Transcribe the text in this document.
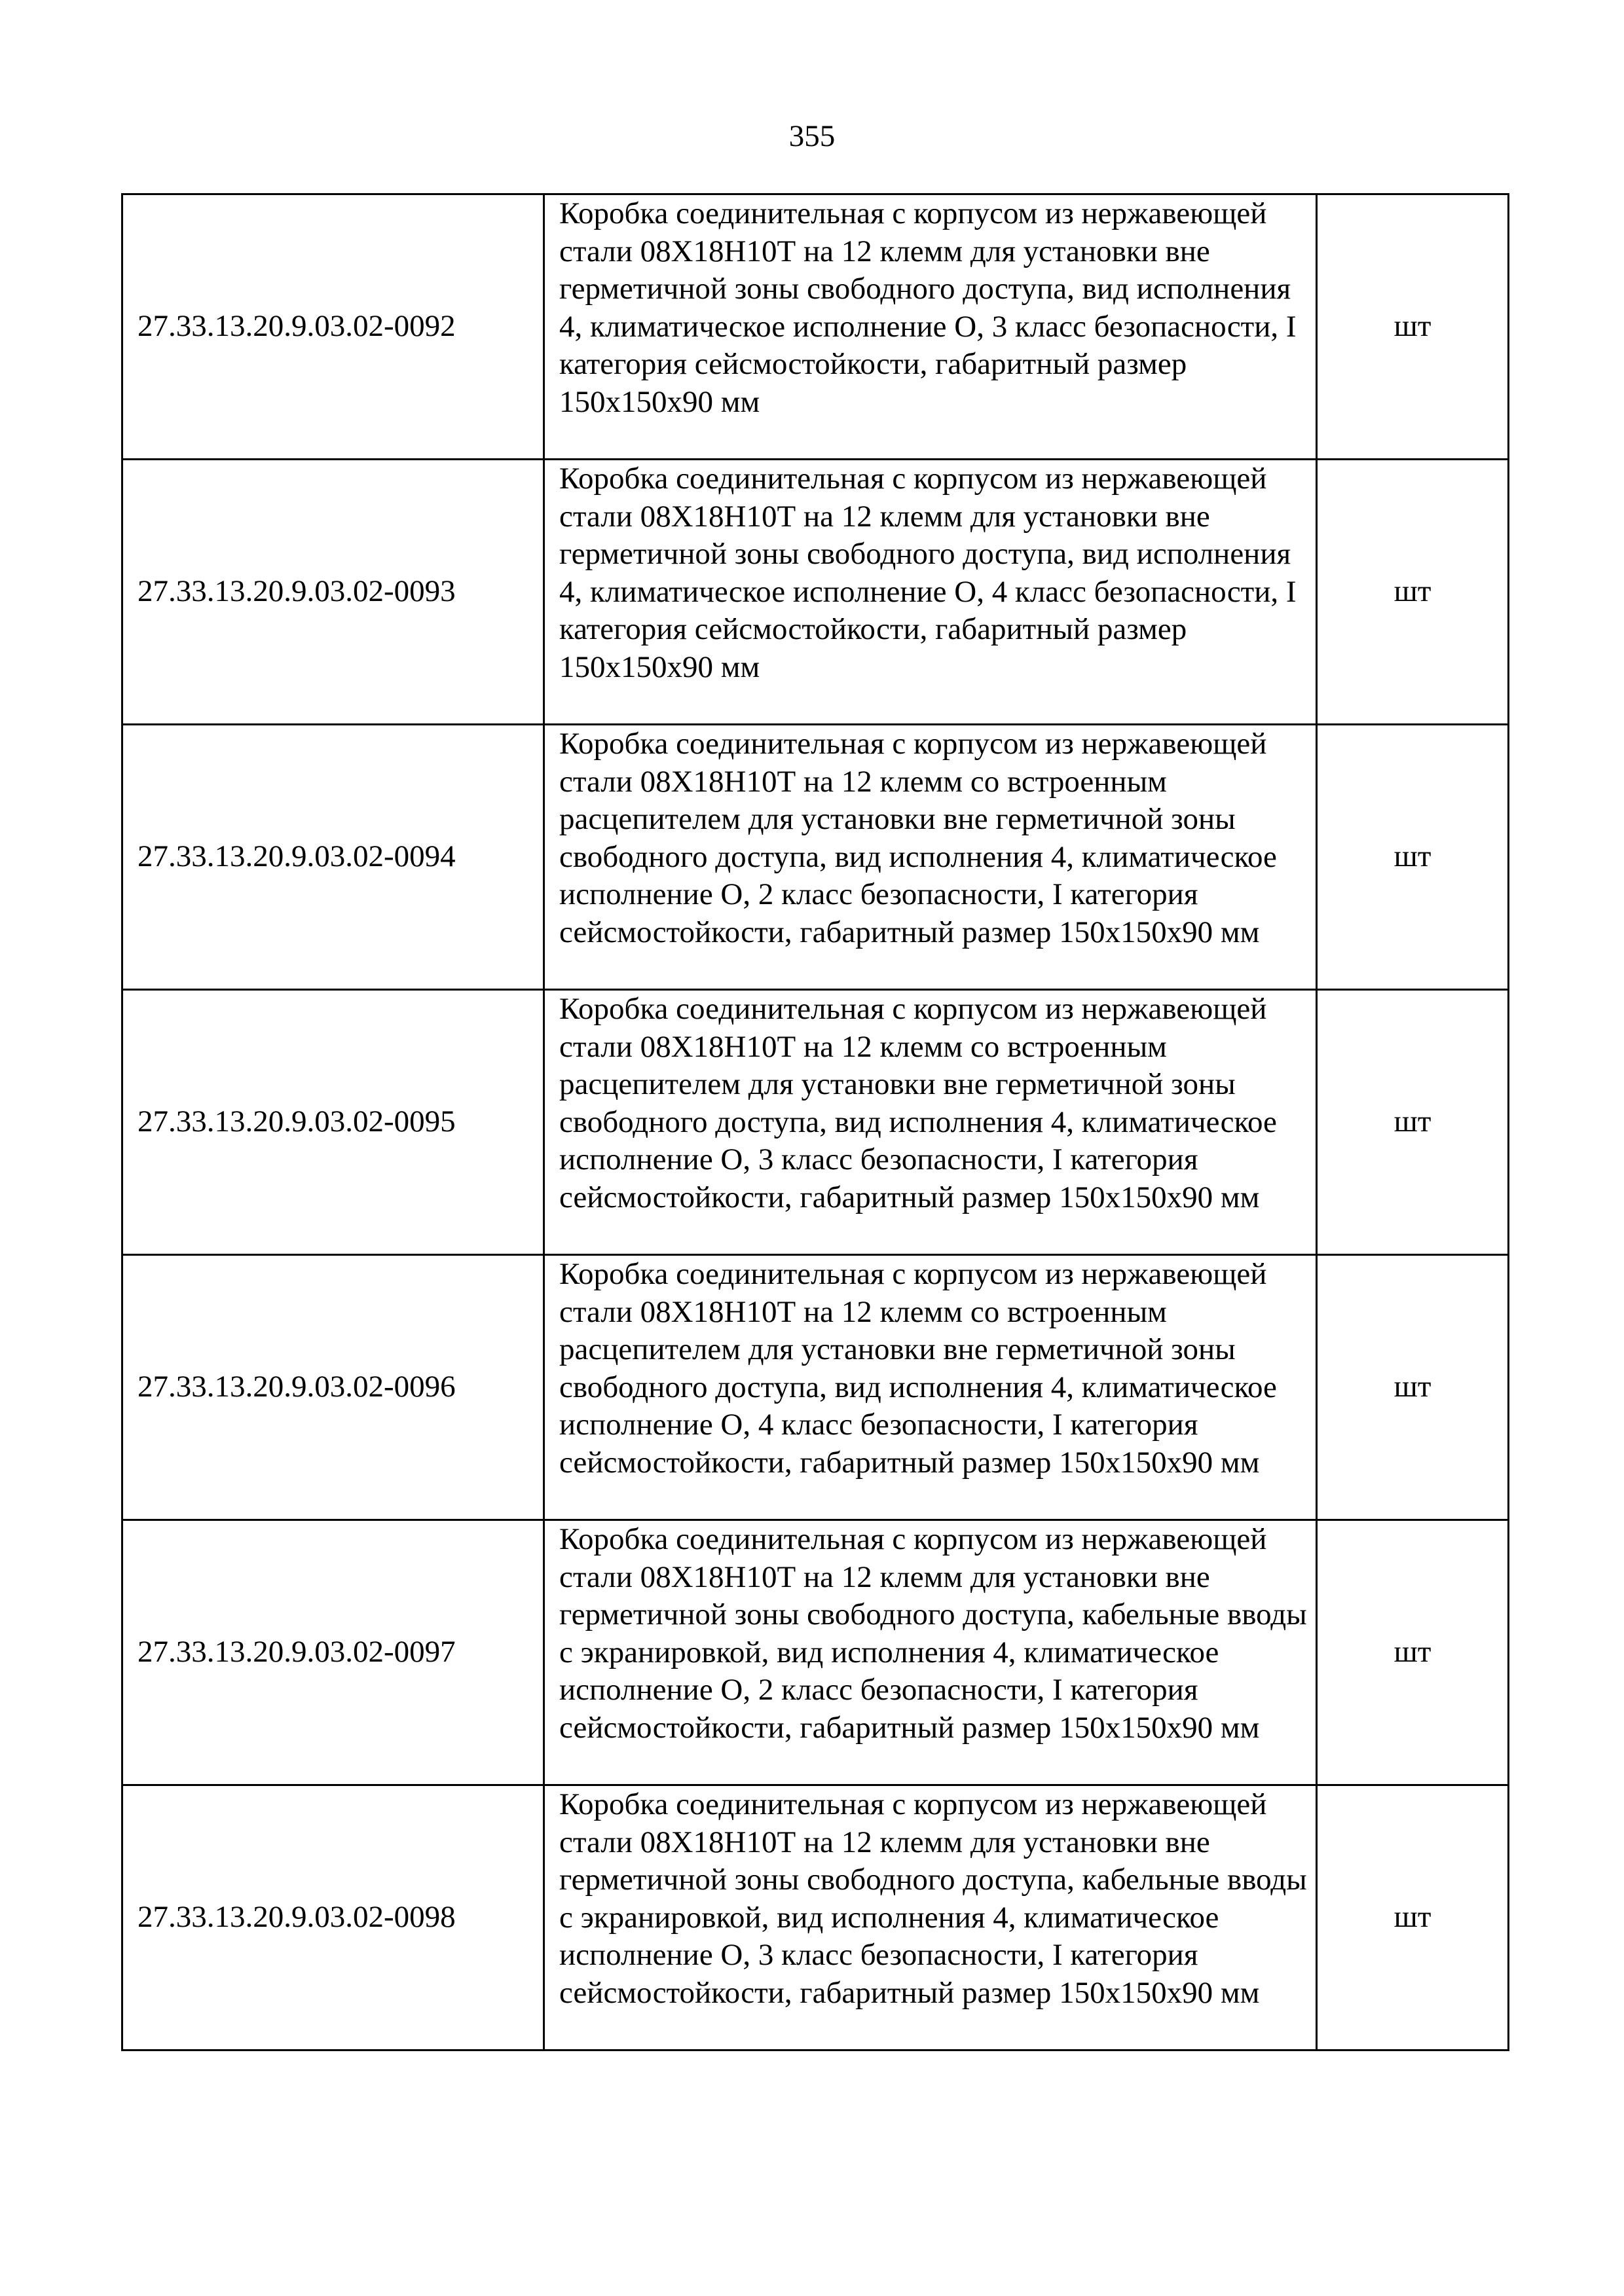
355
27.33.13.20.9.03.02-0092	Коробка соединительная с корпусом из нержавеющей стали 08Х18Н10Т на 12 клемм для установки вне герметичной зоны свободного доступа, вид исполнения 4, климатическое исполнение О, 3 класс безопасности, I категория сейсмостойкости, габаритный размер 150х150х90 мм	шт
27.33.13.20.9.03.02-0093	Коробка соединительная с корпусом из нержавеющей стали 08Х18Н10Т на 12 клемм для установки вне герметичной зоны свободного доступа, вид исполнения 4, климатическое исполнение О, 4 класс безопасности, I категория сейсмостойкости, габаритный размер 150х150х90 мм	шт
27.33.13.20.9.03.02-0094	Коробка соединительная с корпусом из нержавеющей стали 08Х18Н10Т на 12 клемм со встроенным расцепителем для установки вне герметичной зоны свободного доступа, вид исполнения 4, климатическое исполнение О, 2 класс безопасности, I категория сейсмостойкости, габаритный размер 150х150х90 мм	шт
27.33.13.20.9.03.02-0095	Коробка соединительная с корпусом из нержавеющей стали 08Х18Н10Т на 12 клемм со встроенным расцепителем для установки вне герметичной зоны свободного доступа, вид исполнения 4, климатическое исполнение О, 3 класс безопасности, I категория сейсмостойкости, габаритный размер 150х150х90 мм	шт
27.33.13.20.9.03.02-0096	Коробка соединительная с корпусом из нержавеющей стали 08Х18Н10Т на 12 клемм со встроенным расцепителем для установки вне герметичной зоны свободного доступа, вид исполнения 4, климатическое исполнение О, 4 класс безопасности, I категория сейсмостойкости, габаритный размер 150х150х90 мм	шт
27.33.13.20.9.03.02-0097	Коробка соединительная с корпусом из нержавеющей стали 08Х18Н10Т на 12 клемм для установки вне герметичной зоны свободного доступа, кабельные вводы с экранировкой, вид исполнения 4, климатическое исполнение О, 2 класс безопасности, I категория сейсмостойкости, габаритный размер 150х150х90 мм	шт
27.33.13.20.9.03.02-0098	Коробка соединительная с корпусом из нержавеющей стали 08Х18Н10Т на 12 клемм для установки вне герметичной зоны свободного доступа, кабельные вводы с экранировкой, вид исполнения 4, климатическое исполнение О, 3 класс безопасности, I категория сейсмостойкости, габаритный размер 150х150х90 мм	шт
